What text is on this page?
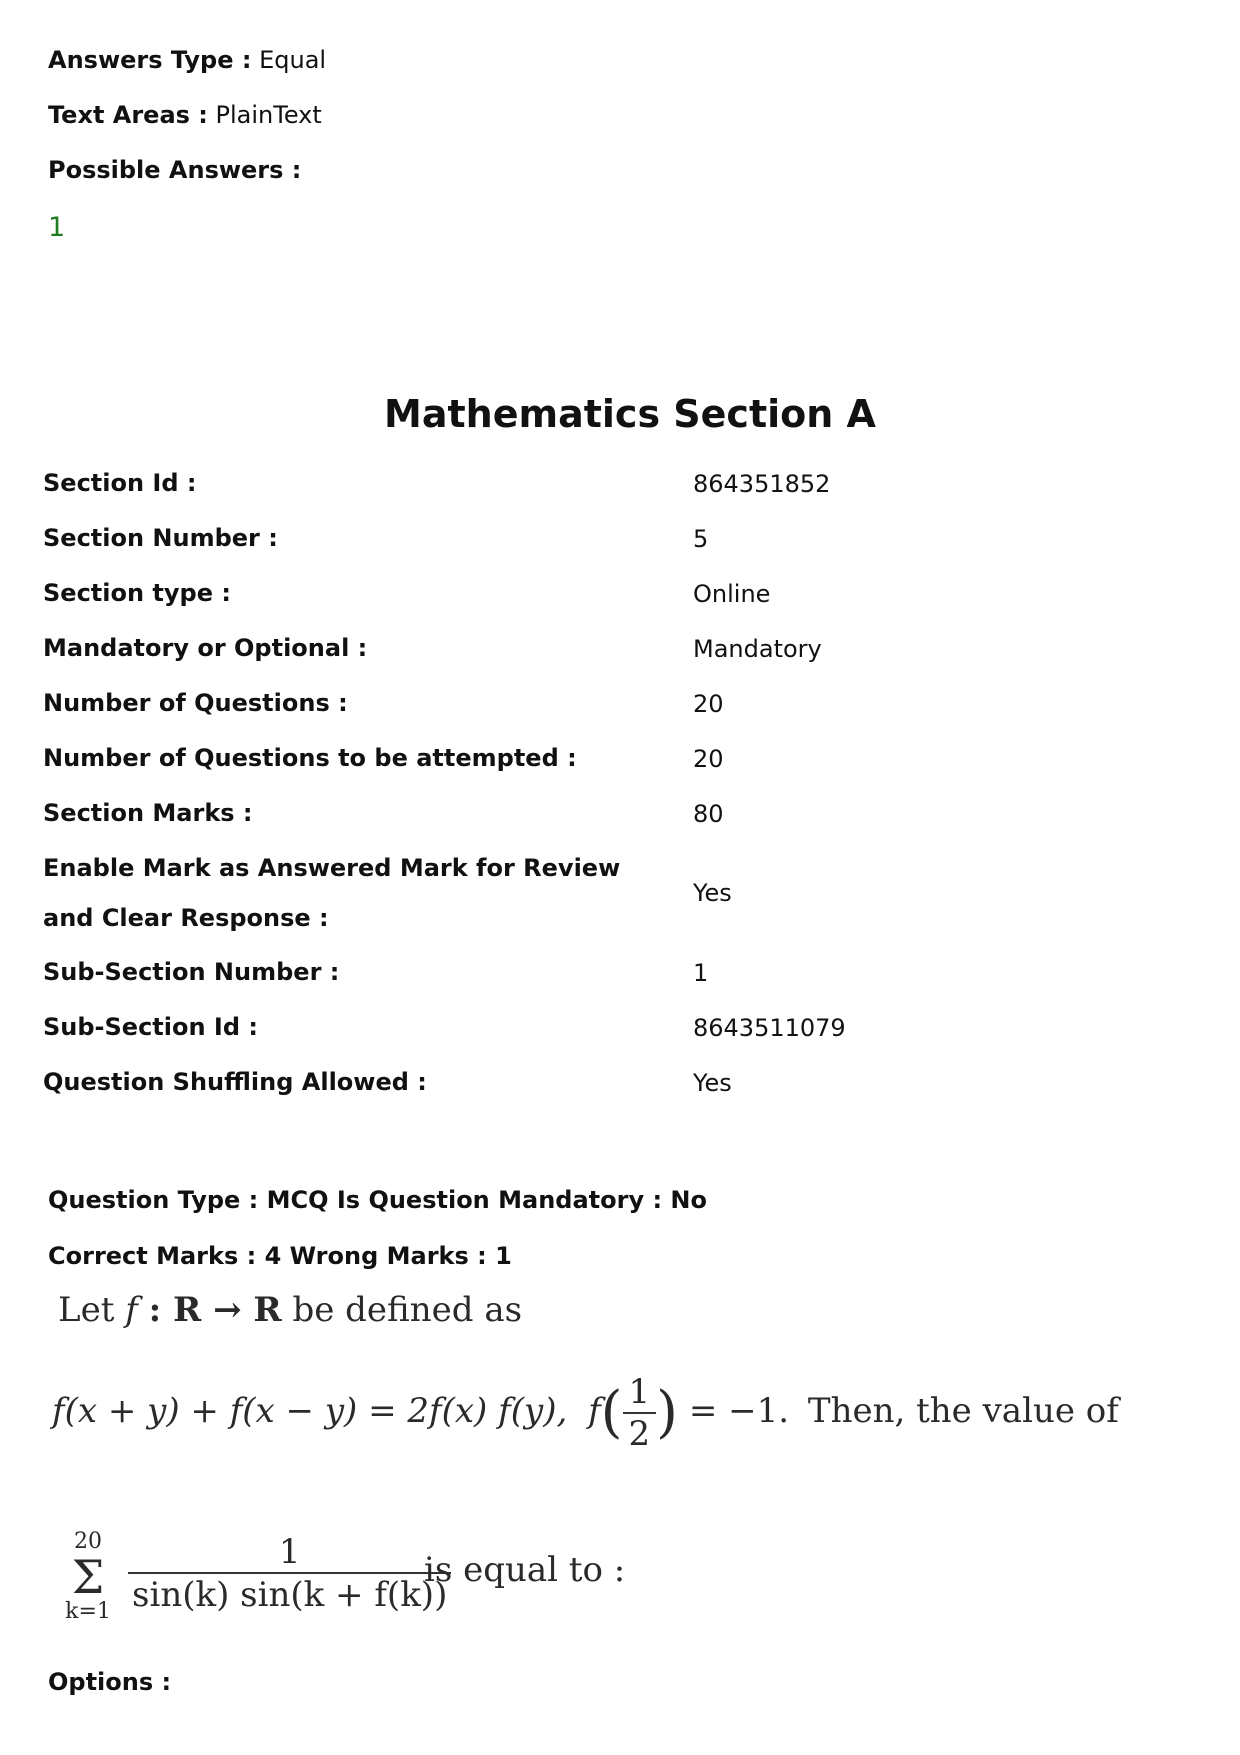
Answers Type : Equal
Text Areas : PlainText
Possible Answers :
1
Mathematics Section A
Section Id :	864351852
Section Number :	5
Section type :	Online
Mandatory or Optional :	Mandatory
Number of Questions :	20
Number of Questions to be attempted :	20
Section Marks :	80
Enable Mark as Answered Mark for Review and Clear Response :
Yes
Sub-Section Number :	1
Sub-Section Id :	8643511079
Question Shuffling Allowed :	Yes
Question Type : MCQ Is Question Mandatory : No
Correct Marks : 4 Wrong Marks : 1
Let f : R → R be defined as
f(x + y) + f(x − y) = 2f(x) f(y), $f( \frac{1}{2}$ ) = −1. Then, the value of
20
Σ
$k=1 \frac{1}{\sin(k) \sin(k + f(k))}$
is equal to :
Options :
